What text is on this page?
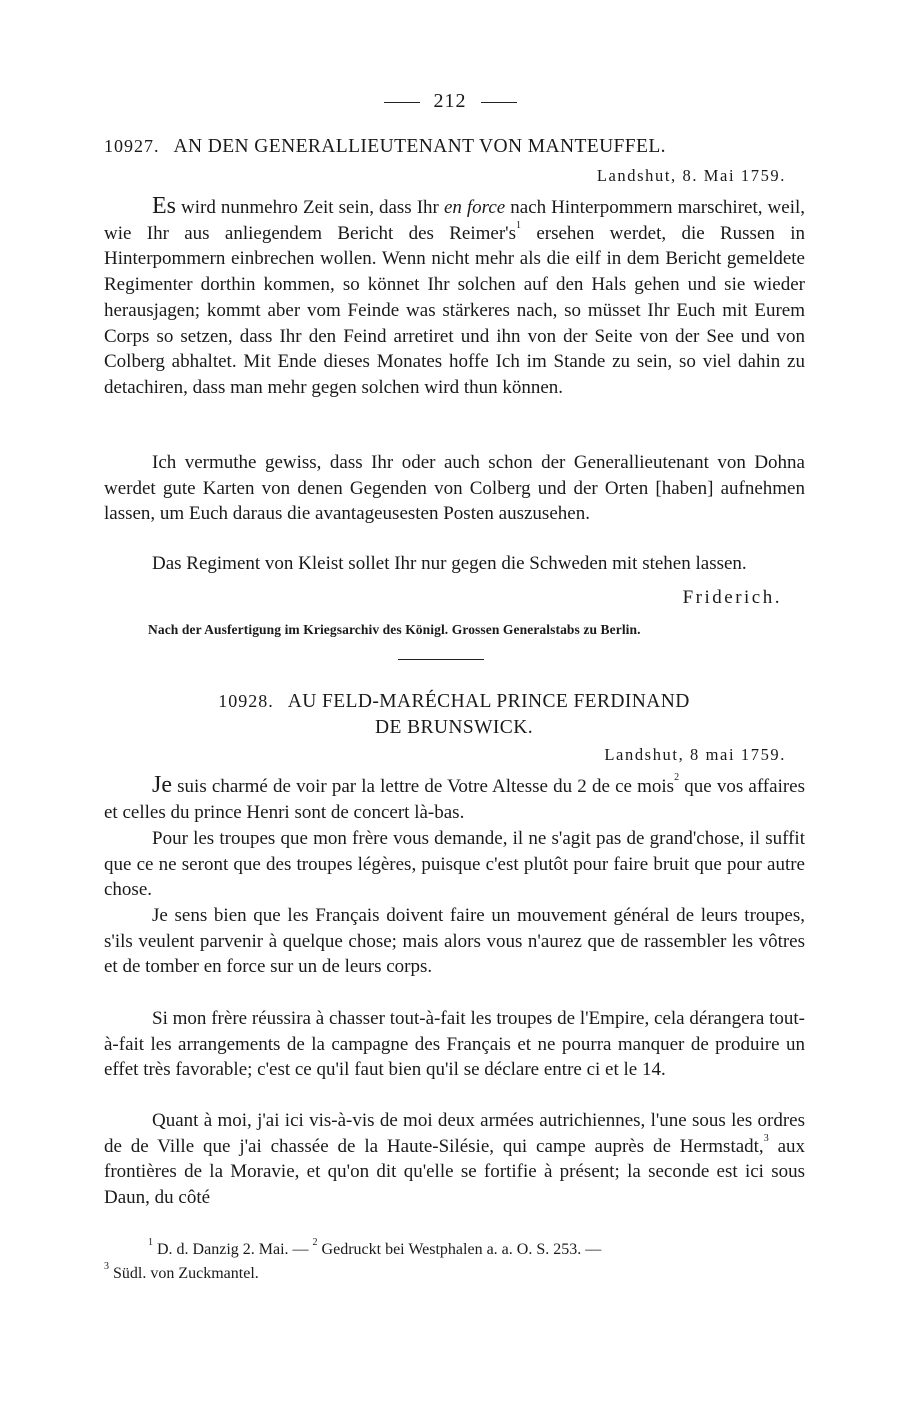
212
10927. AN DEN GENERALLIEUTENANT VON MANTEUFFEL.
Landshut, 8. Mai 1759.
Es wird nunmehro Zeit sein, dass Ihr en force nach Hinterpommern marschiret, weil, wie Ihr aus anliegendem Bericht des $Reimer's^1$ ersehen werdet, die Russen in Hinterpommern einbrechen wollen. Wenn nicht mehr als die eilf in dem Bericht gemeldete Regimenter dorthin kommen, so könnet Ihr solchen auf den Hals gehen und sie wieder herausjagen; kommt aber vom Feinde was stärkeres nach, so müsset Ihr Euch mit Eurem Corps so setzen, dass Ihr den Feind arretiret und ihn von der Seite von der See und von Colberg abhaltet. Mit Ende dieses Monates hoffe Ich im Stande zu sein, so viel dahin zu detachiren, dass man mehr gegen solchen wird thun können.
Ich vermuthe gewiss, dass Ihr oder auch schon der Generallieutenant von Dohna werdet gute Karten von denen Gegenden von Colberg und der Orten [haben] aufnehmen lassen, um Euch daraus die avantageusesten Posten auszusehen.
Das Regiment von Kleist sollet Ihr nur gegen die Schweden mit stehen lassen.
Friderich.
Nach der Ausfertigung im Kriegsarchiv des Königl. Grossen Generalstabs zu Berlin.
10928. AU FELD-MARÉCHAL PRINCE FERDINAND
DE BRUNSWICK.
Landshut, 8 mai 1759.
Je suis charmé de voir par la lettre de Votre Altesse du 2 de ce mois$^2$ que vos affaires et celles du prince Henri sont de concert là-bas.
Pour les troupes que mon frère vous demande, il ne s'agit pas de grand'chose, il suffit que ce ne seront que des troupes légères, puisque c'est plutôt pour faire bruit que pour autre chose.
Je sens bien que les Français doivent faire un mouvement général de leurs troupes, s'ils veulent parvenir à quelque chose; mais alors vous n'aurez que de rassembler les vôtres et de tomber en force sur un de leurs corps.
Si mon frère réussira à chasser tout-à-fait les troupes de l'Empire, cela dérangera tout-à-fait les arrangements de la campagne des Français et ne pourra manquer de produire un effet très favorable; c'est ce qu'il faut bien qu'il se déclare entre ci et le 14.
Quant à moi, j'ai ici vis-à-vis de moi deux armées autrichiennes, l'une sous les ordres de de Ville que j'ai chassée de la Haute-Silésie, qui campe auprès de Hermstadt,$^3$ aux frontières de la Moravie, et qu'on dit qu'elle se fortifie à présent; la seconde est ici sous Daun, du côté
$^1$ D. d. Danzig 2. Mai. — $^2$ Gedruckt bei Westphalen a. a. O. S. 253. —
$^3$ Südl. von Zuckmantel.
